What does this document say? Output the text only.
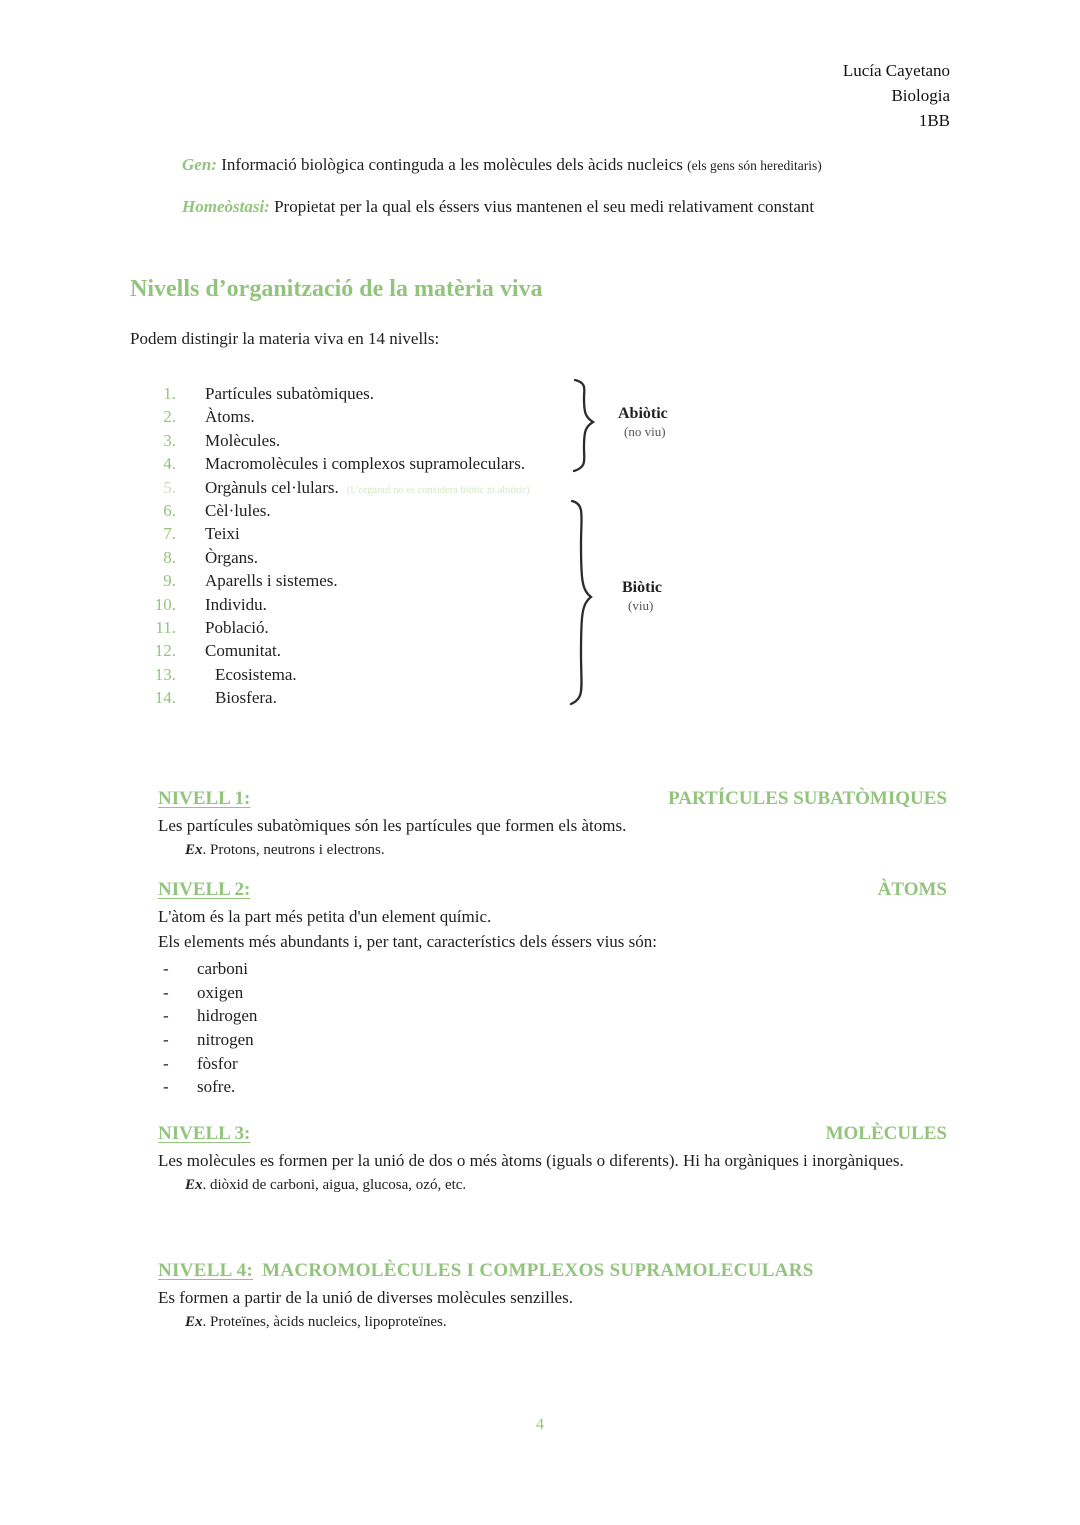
Lucía Cayetano
Biologia
1BB
Gen: Informació biològica continguda a les molècules dels àcids nucleics (els gens són hereditaris)
Homeòstasi: Propietat per la qual els éssers vius mantenen el seu medi relativament constant
Nivells d’organització de la matèria viva
Podem distingir la materia viva en 14 nivells:
1. Partícules subatòmiques.
2. Àtoms.
3. Molècules.
4. Macromolècules i complexos supramoleculars.
5. Orgànuls cel·lulars. (L'orgànul no es considera biòtic ni abiòtic)
6. Cèl·lules.
7. Teixi
8. Òrgans.
9. Aparells i sistemes.
10. Individu.
11. Població.
12. Comunitat.
13. Ecosistema.
14. Biosfera.
Abiòtic
(no viu)
Biòtic
(viu)
NIVELL 1:	PARTÍCULES SUBATÒMIQUES
Les partícules subatòmiques són les partícules que formen els àtoms.
Ex. Protons, neutrons i electrons.
NIVELL 2:	ÀTOMS
L'àtom és la part més petita d'un element químic.
Els elements més abundants i, per tant, característics dels éssers vius són:
-	carboni
-	oxigen
-	hidrogen
-	nitrogen
-	fòsfor
-	sofre.
NIVELL 3:	MOLÈCULES
Les molècules es formen per la unió de dos o més àtoms (iguals o diferents). Hi ha orgàniques i inorgàniques.
Ex. diòxid de carboni, aigua, glucosa, ozó, etc.
NIVELL 4: MACROMOLÈCULES I COMPLEXOS SUPRAMOLECULARS
Es formen a partir de la unió de diverses molècules senzilles.
Ex. Proteïnes, àcids nucleics, lipoproteïnes.
4
